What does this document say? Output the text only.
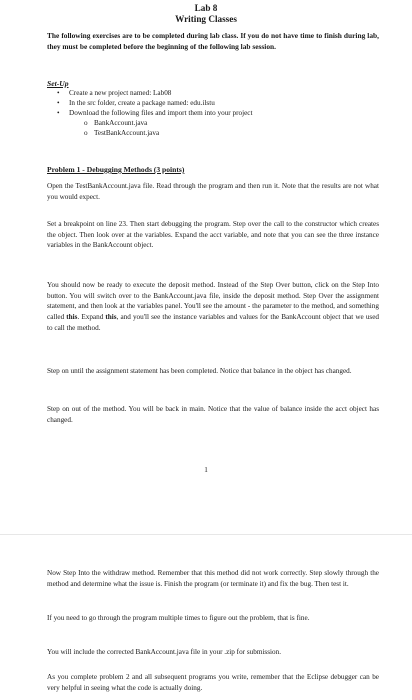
Lab 8

Writing Classes

The following exercises are to be completed during lab class. If you do not have time to finish during lab, they must be completed before the beginning of the following lab session.

Set-Up

• Create a new project named: Lab08

• In the src folder, create a package named: edu.ilstu

• Download the following files and import them into your project

o BankAccount.java

o TestBankAccount.java

Problem 1 - Debugging Methods (3 points)

Open the TestBankAccount.java file. Read through the program and then run it. Note that the results are not what you would expect.

Set a breakpoint on line 23. Then start debugging the program. Step over the call to the constructor which creates the object. Then look over at the variables. Expand the acct variable, and note that you can see the three instance variables in the BankAccount object.

You should now be ready to execute the deposit method. Instead of the Step Over button, click on the Step Into button. You will switch over to the BankAccount.java file, inside the deposit method. Step Over the assignment statement, and then look at the variables panel. You'll see the amount - the parameter to the method, and something called this. Expand this, and you'll see the instance variables and values for the BankAccount object that we used to call the method.

Step on until the assignment statement has been completed. Notice that balance in the object has changed.

Step on out of the method. You will be back in main. Notice that the value of balance inside the acct object has changed.

1

Now Step Into the withdraw method. Remember that this method did not work correctly. Step slowly through the method and determine what the issue is. Finish the program (or terminate it) and fix the bug. Then test it.

If you need to go through the program multiple times to figure out the problem, that is fine.

You will include the corrected BankAccount.java file in your .zip for submission.

As you complete problem 2 and all subsequent programs you write, remember that the Eclipse debugger can be very helpful in seeing what the code is actually doing.
